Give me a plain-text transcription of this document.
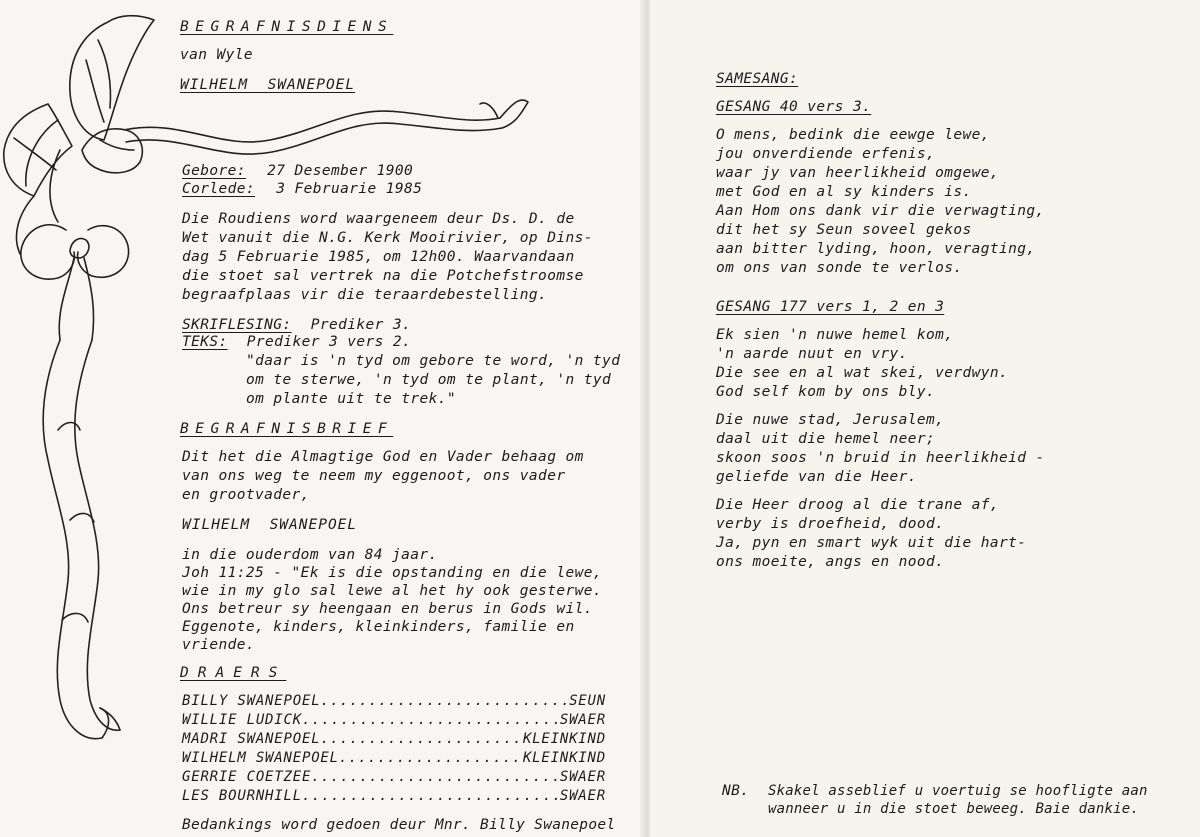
BEGRAFNISDIENS
van Wyle
WILHELM  SWANEPOEL
Gebore: 27 Desember 1900
Corlede: 3 Februarie 1985
Die Roudiens word waargeneem deur Ds. D. de
Wet vanuit die N.G. Kerk Mooirivier, op Dins-
dag 5 Februarie 1985, om 12h00. Waarvandaan
die stoet sal vertrek na die Potchefstroomse
begraafplaas vir die teraardebestelling.
SKRIFLESING: Prediker 3.
TEKS: Prediker 3 vers 2.
"daar is 'n tyd om gebore te word, 'n tyd
om te sterwe, 'n tyd om te plant, 'n tyd
om plante uit te trek."
BEGRAFNISBRIEF
Dit het die Almagtige God en Vader behaag om
van ons weg te neem my eggenoot, ons vader
en grootvader,
WILHELM  SWANEPOEL
in die ouderdom van 84 jaar.
Joh 11:25 - "Ek is die opstanding en die lewe,
wie in my glo sal lewe al het hy ook gesterwe.
Ons betreur sy heengaan en berus in Gods wil.
Eggenote, kinders, kleinkinders, familie en
vriende.
DRAERS
BILLY SWANEPOEL .....	SEUN
WILLIE LUDICK .....	SWAER
MADRI SWANEPOEL .....	KLEINKIND
WILHELM SWANEPOEL .....	KLEINKIND
GERRIE COETZEE .....	SWAER
LES BOURNHILL .....	SWAER
Bedankings word gedoen deur Mnr. Billy Swanepoel
SAMESANG:
GESANG 40 vers 3.
O mens, bedink die eewge lewe,
jou onverdiende erfenis,
waar jy van heerlikheid omgewe,
met God en al sy kinders is.
Aan Hom ons dank vir die verwagting,
dit het sy Seun soveel gekos
aan bitter lyding, hoon, veragting,
om ons van sonde te verlos.
GESANG 177 vers 1, 2 en 3
Ek sien 'n nuwe hemel kom,
'n aarde nuut en vry.
Die see en al wat skei, verdwyn.
God self kom by ons bly.
Die nuwe stad, Jerusalem,
daal uit die hemel neer;
skoon soos 'n bruid in heerlikheid -
geliefde van die Heer.
Die Heer droog al die trane af,
verby is droefheid, dood.
Ja, pyn en smart wyk uit die hart-
ons moeite, angs en nood.
NB. Skakel asseblief u voertuig se hoofligte aan
wanneer u in die stoet beweeg. Baie dankie.
